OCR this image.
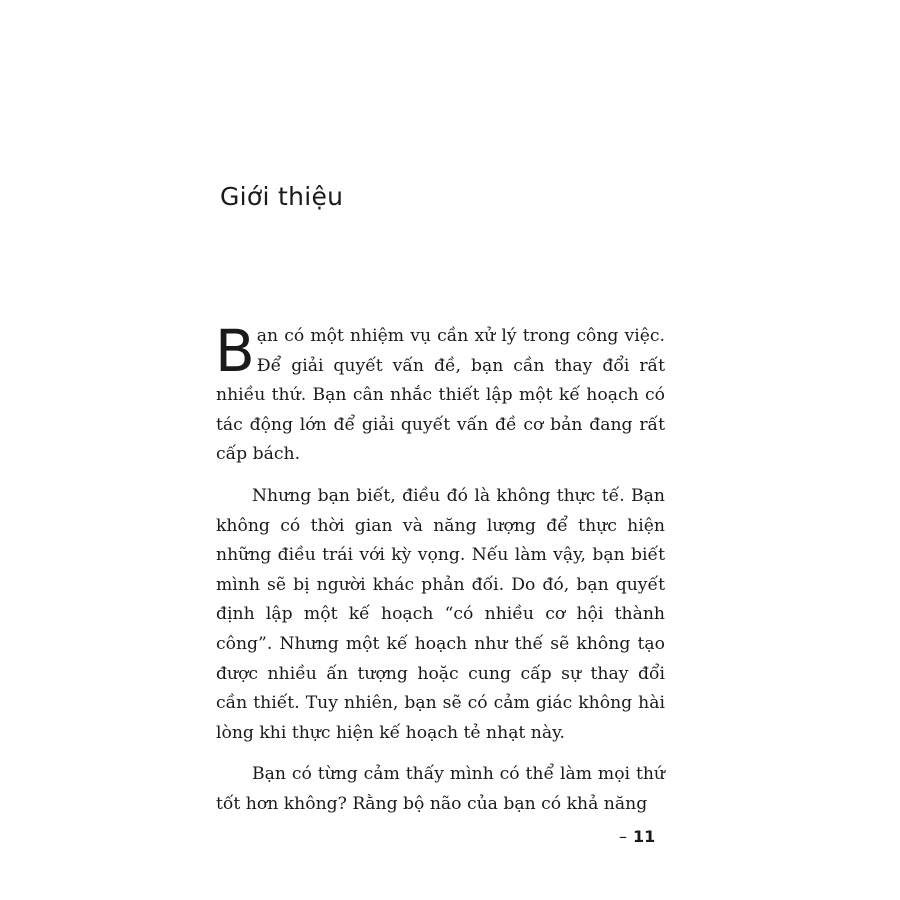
Giới thiệu

Bạn có một nhiệm vụ cần xử lý trong công việc. Để giải quyết vấn đề, bạn cần thay đổi rất nhiều thứ. Bạn cân nhắc thiết lập một kế hoạch có tác động lớn để giải quyết vấn đề cơ bản đang rất cấp bách.

Nhưng bạn biết, điều đó là không thực tế. Bạn không có thời gian và năng lượng để thực hiện những điều trái với kỳ vọng. Nếu làm vậy, bạn biết mình sẽ bị người khác phản đối. Do đó, bạn quyết định lập một kế hoạch “có nhiều cơ hội thành công”. Nhưng một kế hoạch như thế sẽ không tạo được nhiều ấn tượng hoặc cung cấp sự thay đổi cần thiết. Tuy nhiên, bạn sẽ có cảm giác không hài lòng khi thực hiện kế hoạch tẻ nhạt này.

Bạn có từng cảm thấy mình có thể làm mọi thứ tốt hơn không? Rằng bộ não của bạn có khả năng

– 11
